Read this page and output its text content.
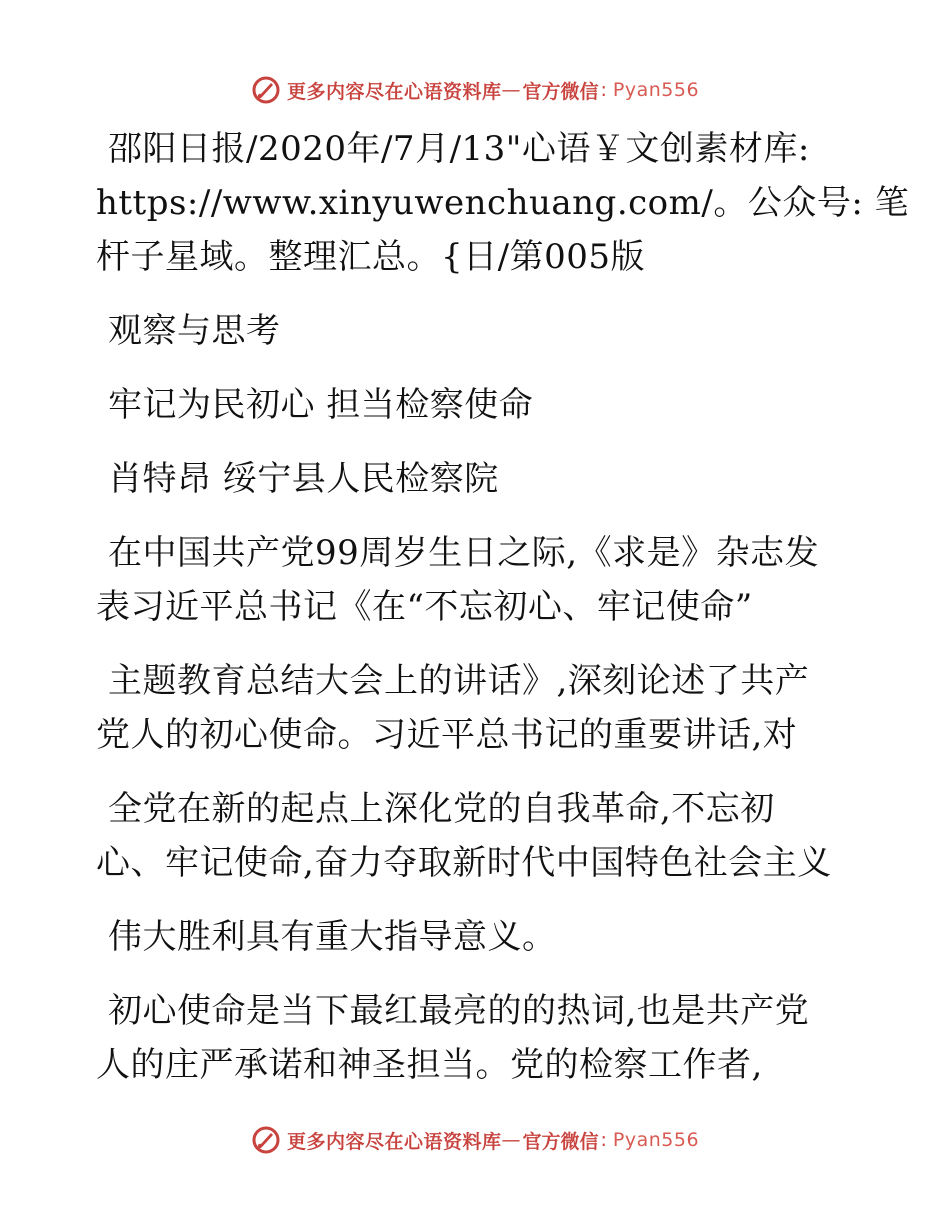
更多内容尽在心语资料库 — 官方微信 : Pyan556
邵阳日报/2020年/7月/13"心语￥文创素材库:
https://www.xinyuwenchuang.com/。公众号: 笔
杆子星域。整理汇总。{日/第005版
观察与思考
牢记为民初心 担当检察使命
肖特昂 绥宁县人民检察院
在中国共产党99周岁生日之际,《求是》杂志发
表习近平总书记《在“不忘初心、牢记使命”
主题教育总结大会上的讲话》,深刻论述了共产
党人的初心使命。习近平总书记的重要讲话,对
全党在新的起点上深化党的自我革命,不忘初
心、牢记使命,奋力夺取新时代中国特色社会主义
伟大胜利具有重大指导意义。
初心使命是当下最红最亮的的热词,也是共产党
人的庄严承诺和神圣担当。党的检察工作者,
更多内容尽在心语资料库 — 官方微信 : Pyan556
